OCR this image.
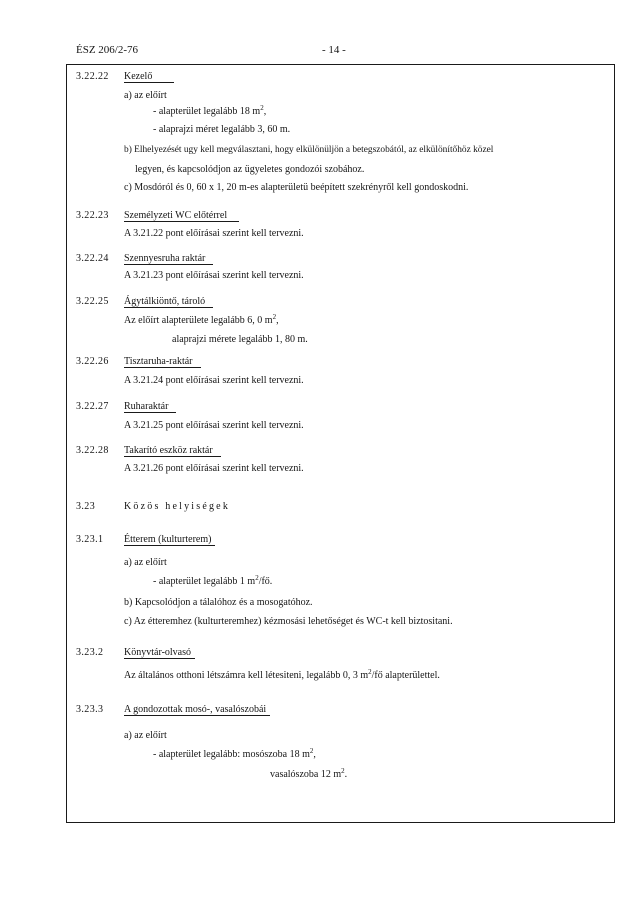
ÉSZ 206/2-76	- 14 -
3.22.22 Kezelő
a) az előírt
- alapterület legalább 18 $m^2$,
- alaprajzi méret legalább 3, 60 m.
b) Elhelyezését ugy kell megválasztani, hogy elkülönüljön a betegszobától, az elkülönítőhöz közel
legyen, és kapcsolódjon az ügyeletes gondozói szobához.
c) Mosdóról és 0, 60 x 1, 20 m-es alapterületü beépített szekrényről kell gondoskodni.
3.22.23 Személyzeti WC előtérrel
A 3.21.22 pont előírásai szerint kell tervezni.
3.22.24 Szennyesruha raktár
A 3.21.23 pont előírásai szerint kell tervezni.
3.22.25 Ágytálkiöntő, tároló
Az előírt alapterülete legalább 6, 0 $m^2$,
alaprajzi mérete legalább 1, 80 m.
3.22.26 Tisztaruha-raktár
A 3.21.24 pont előírásai szerint kell tervezni.
3.22.27 Ruharaktár
A 3.21.25 pont előírásai szerint kell tervezni.
3.22.28 Takarító eszköz raktár
A 3.21.26 pont előírásai szerint kell tervezni.
3.23	Közös helyiségek
3.23.1 Étterem (kulturterem)
a) az előírt
- alapterület legalább 1 $m^2/fő$.
b) Kapcsolódjon a tálalóhoz és a mosogatóhoz.
c) Az étteremhez (kulturteremhez) kézmosási lehetőséget és WC-t kell biztositani.
3.23.2 Könyvtár-olvasó
Az általános otthoni létszámra kell létesiteni, legalább 0, 3 $m^2/fő$ alapterülettel.
3.23.3 A gondozottak mosó-, vasalószobái
a) az előírt
- alapterület legalább: mosószoba 18 $m^2$,
vasalószoba 12 $m^2$.
